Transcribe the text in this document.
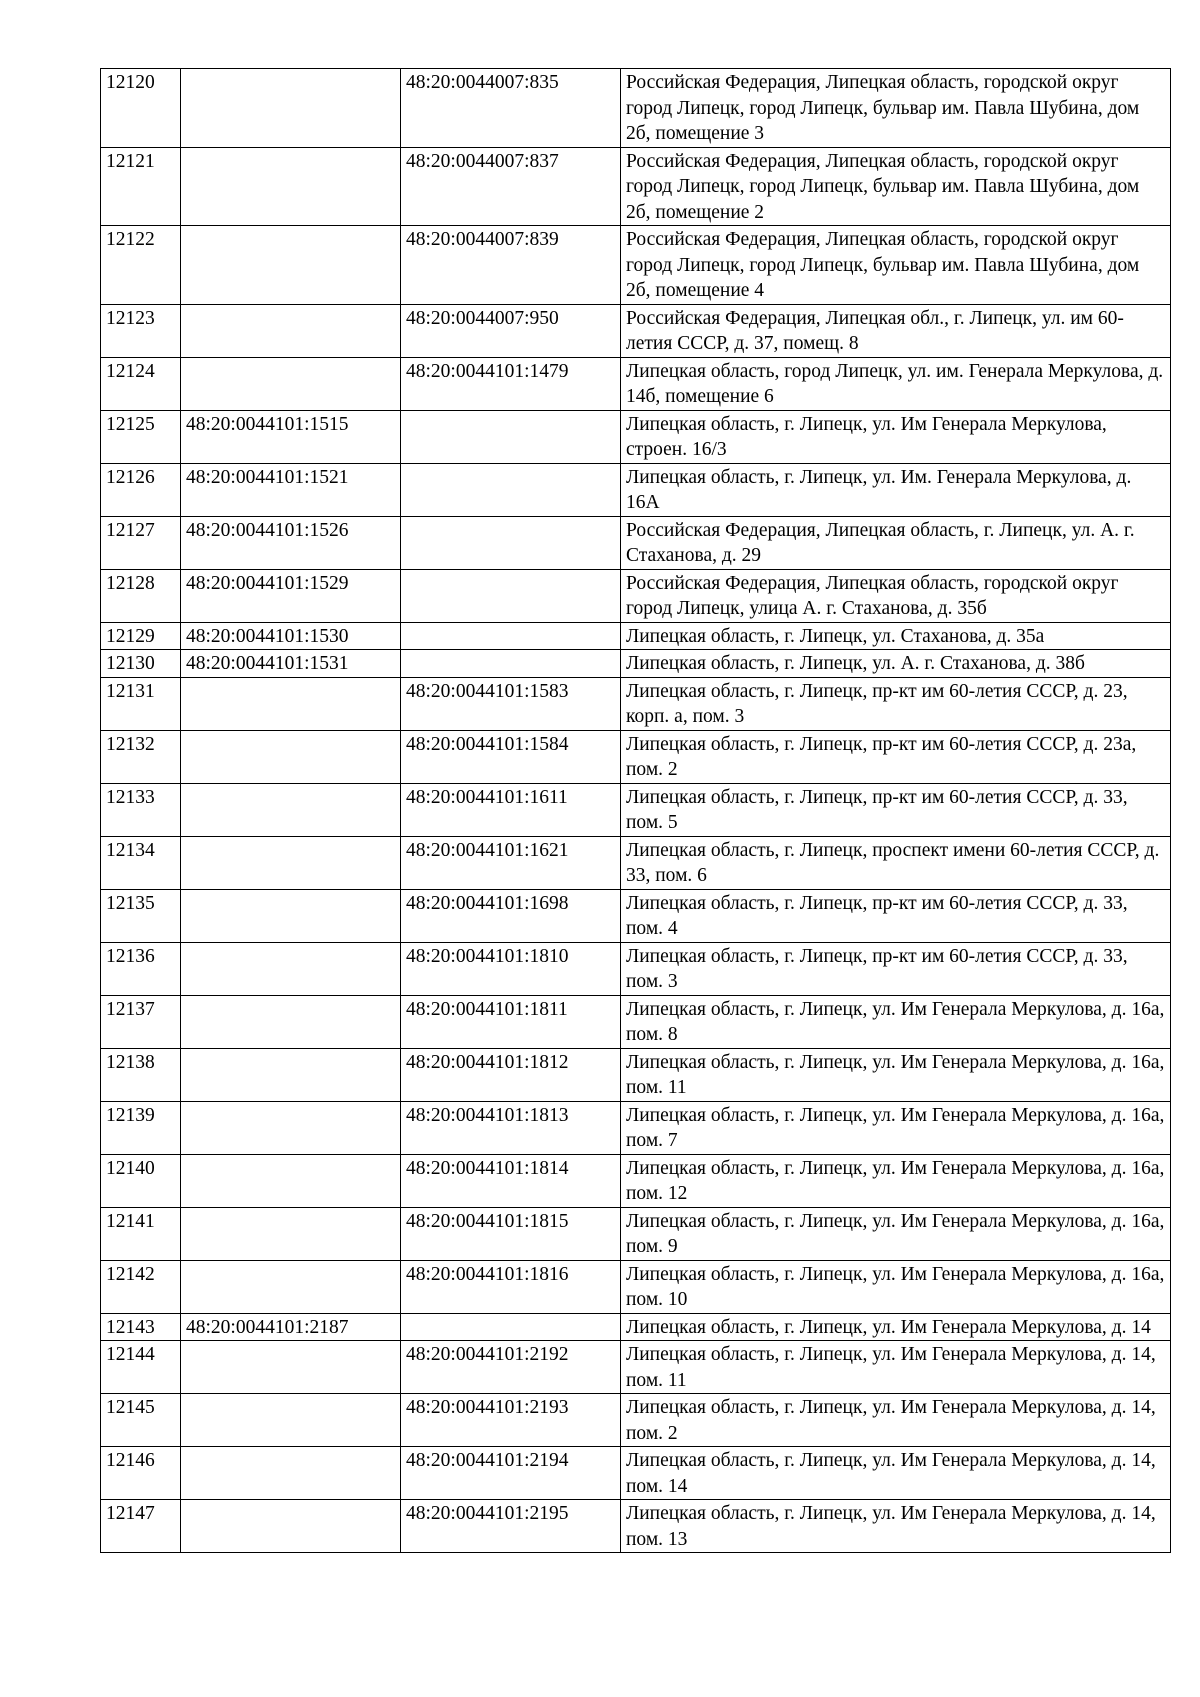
12120		48:20:0044007:835	Российская Федерация, Липецкая область, городской округ город Липецк, город Липецк, бульвар им. Павла Шубина, дом 2б, помещение 3
12121		48:20:0044007:837	Российская Федерация, Липецкая область, городской округ город Липецк, город Липецк, бульвар им. Павла Шубина, дом 2б, помещение 2
12122		48:20:0044007:839	Российская Федерация, Липецкая область, городской округ город Липецк, город Липецк, бульвар им. Павла Шубина, дом 2б, помещение 4
12123		48:20:0044007:950	Российская Федерация, Липецкая обл., г. Липецк, ул. им 60-летия СССР, д. 37, помещ. 8
12124		48:20:0044101:1479	Липецкая область, город Липецк, ул. им. Генерала Меркулова, д. 14б, помещение 6
12125	48:20:0044101:1515		Липецкая область, г. Липецк, ул. Им Генерала Меркулова, строен. 16/3
12126	48:20:0044101:1521		Липецкая область, г. Липецк, ул. Им. Генерала Меркулова, д. 16А
12127	48:20:0044101:1526		Российская Федерация, Липецкая область, г. Липецк, ул. А. г. Стаханова, д. 29
12128	48:20:0044101:1529		Российская Федерация, Липецкая область, городской округ город Липецк, улица А. г. Стаханова, д. 35б
12129	48:20:0044101:1530		Липецкая область, г. Липецк, ул. Стаханова, д. 35а
12130	48:20:0044101:1531		Липецкая область, г. Липецк, ул. А. г. Стаханова, д. 38б
12131		48:20:0044101:1583	Липецкая область, г. Липецк, пр-кт им 60-летия СССР, д. 23, корп. а, пом. 3
12132		48:20:0044101:1584	Липецкая область, г. Липецк, пр-кт им 60-летия СССР, д. 23а, пом. 2
12133		48:20:0044101:1611	Липецкая область, г. Липецк, пр-кт им 60-летия СССР, д. 33, пом. 5
12134		48:20:0044101:1621	Липецкая область, г. Липецк, проспект имени 60-летия СССР, д. 33, пом. 6
12135		48:20:0044101:1698	Липецкая область, г. Липецк, пр-кт им 60-летия СССР, д. 33, пом. 4
12136		48:20:0044101:1810	Липецкая область, г. Липецк, пр-кт им 60-летия СССР, д. 33, пом. 3
12137		48:20:0044101:1811	Липецкая область, г. Липецк, ул. Им Генерала Меркулова, д. 16а, пом. 8
12138		48:20:0044101:1812	Липецкая область, г. Липецк, ул. Им Генерала Меркулова, д. 16а, пом. 11
12139		48:20:0044101:1813	Липецкая область, г. Липецк, ул. Им Генерала Меркулова, д. 16а, пом. 7
12140		48:20:0044101:1814	Липецкая область, г. Липецк, ул. Им Генерала Меркулова, д. 16а, пом. 12
12141		48:20:0044101:1815	Липецкая область, г. Липецк, ул. Им Генерала Меркулова, д. 16а, пом. 9
12142		48:20:0044101:1816	Липецкая область, г. Липецк, ул. Им Генерала Меркулова, д. 16а, пом. 10
12143	48:20:0044101:2187		Липецкая область, г. Липецк, ул. Им Генерала Меркулова, д. 14
12144		48:20:0044101:2192	Липецкая область, г. Липецк, ул. Им Генерала Меркулова, д. 14, пом. 11
12145		48:20:0044101:2193	Липецкая область, г. Липецк, ул. Им Генерала Меркулова, д. 14, пом. 2
12146		48:20:0044101:2194	Липецкая область, г. Липецк, ул. Им Генерала Меркулова, д. 14, пом. 14
12147		48:20:0044101:2195	Липецкая область, г. Липецк, ул. Им Генерала Меркулова, д. 14, пом. 13
